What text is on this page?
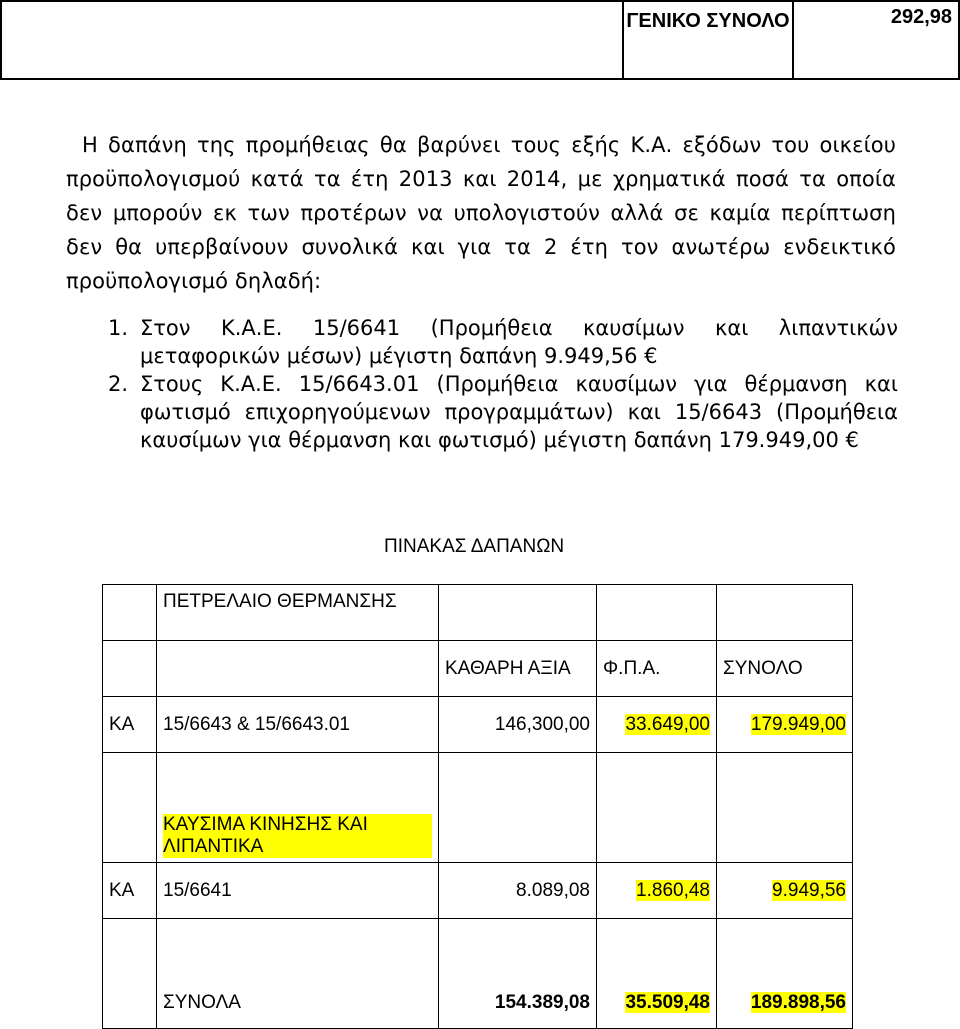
ΓΕΝΙΚΟ ΣΥΝΟΛΟ	292,98

Η δαπάνη της προμήθειας θα βαρύνει τους εξής Κ.Α. εξόδων του οικείου προϋπολογισμού κατά τα έτη 2013 και 2014, με χρηματικά ποσά τα οποία δεν μπορούν εκ των προτέρων να υπολογιστούν αλλά σε καμία περίπτωση δεν θα υπερβαίνουν συνολικά και για τα 2 έτη τον ανωτέρω ενδεικτικό προϋπολογισμό δηλαδή:

1. Στον Κ.Α.Ε. 15/6641 (Προμήθεια καυσίμων και λιπαντικών μεταφορικών μέσων) μέγιστη δαπάνη 9.949,56 €
2. Στους Κ.Α.Ε. 15/6643.01 (Προμήθεια καυσίμων για θέρμανση και φωτισμό επιχορηγούμενων προγραμμάτων) και 15/6643 (Προμήθεια καυσίμων για θέρμανση και φωτισμό) μέγιστη δαπάνη 179.949,00 €
ΠΙΝΑΚΑΣ ΔΑΠΑΝΩΝ
	ΠΕΤΡΕΛΑΙΟ ΘΕΡΜΑΝΣΗΣ			
		ΚΑΘΑΡΗ ΑΞΙΑ	Φ.Π.Α.	ΣΥΝΟΛΟ
ΚΑ	15/6643 & 15/6643.01	146,300,00	33.649,00	179.949,00
	ΚΑΥΣΙΜΑ ΚΙΝΗΣΗΣ ΚΑΙ ΛΙΠΑΝΤΙΚΑ			
ΚΑ	15/6641	8.089,08	1.860,48	9.949,56
	ΣΥΝΟΛΑ	154.389,08	35.509,48	189.898,56
